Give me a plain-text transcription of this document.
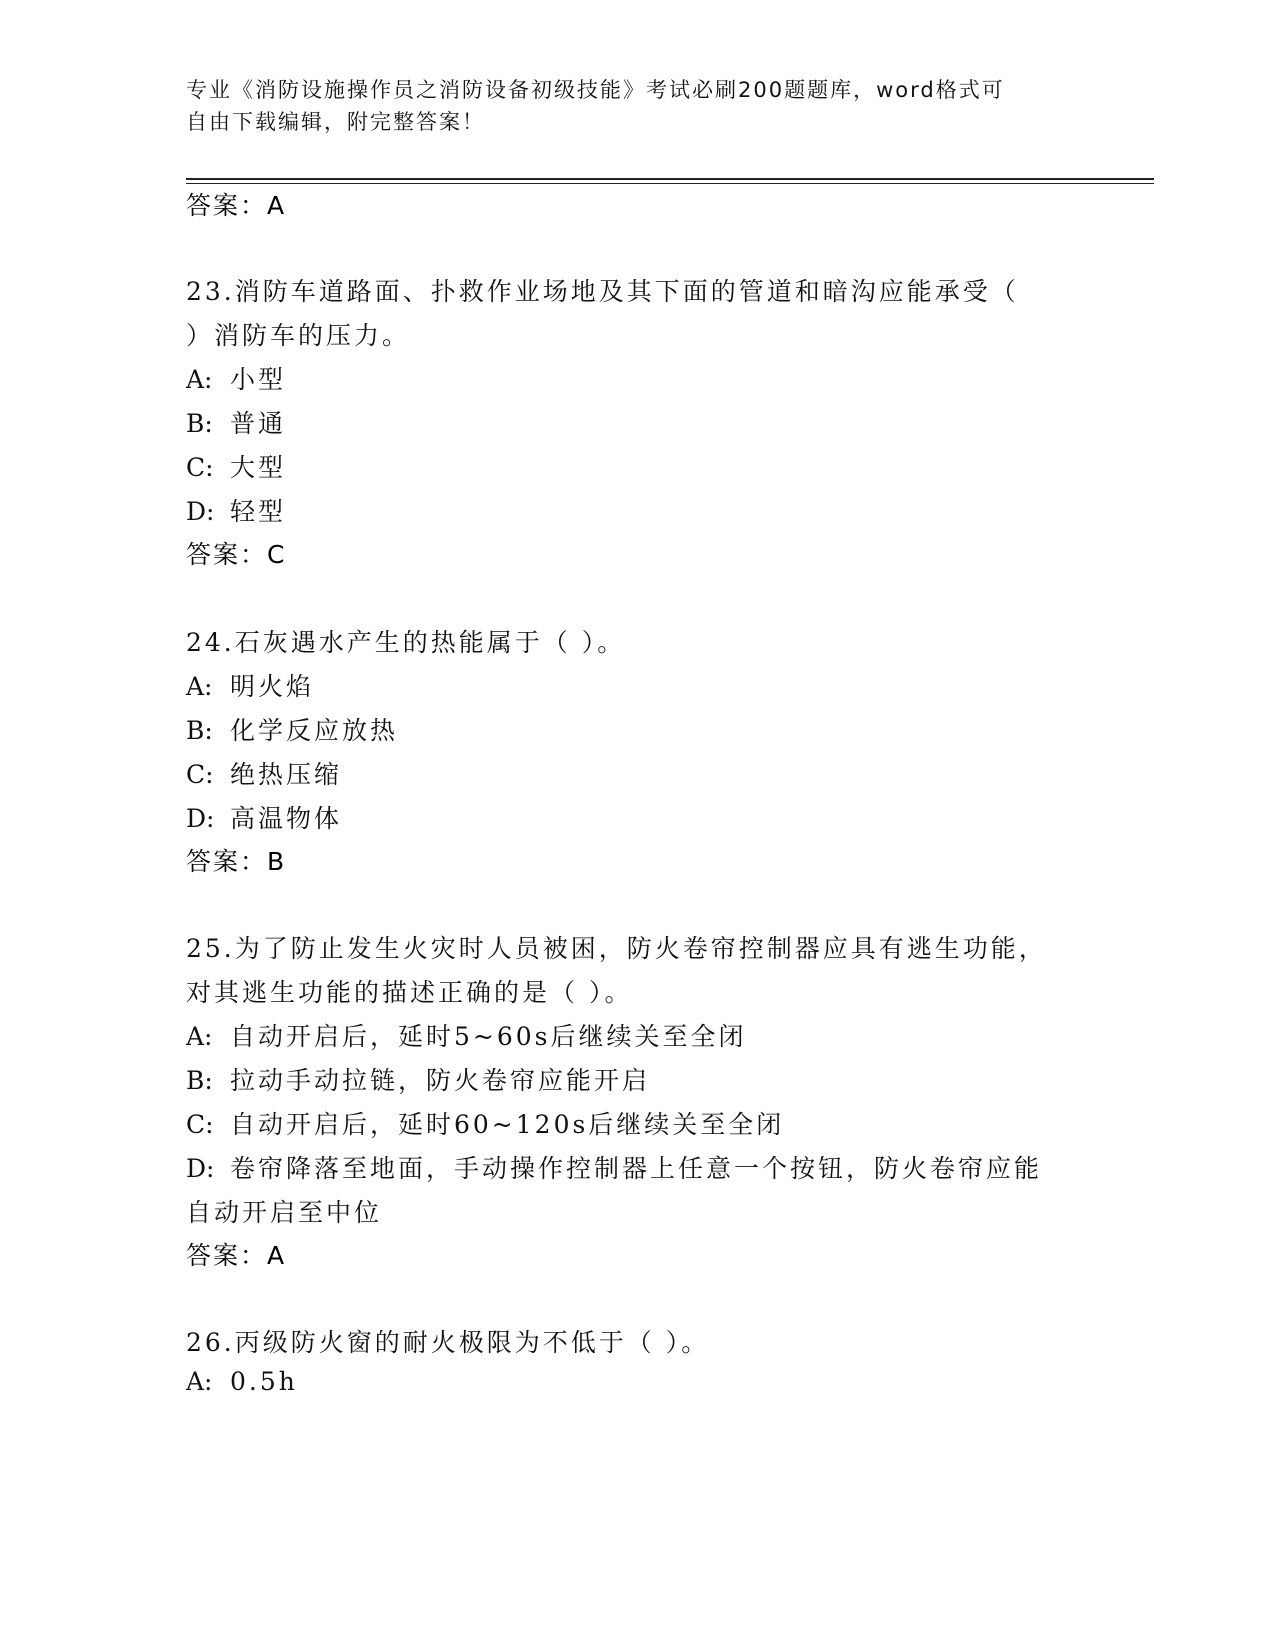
专业《消防设施操作员之消防设备初级技能》考试必刷200题题库，word格式可
自由下载编辑，附完整答案！
答案：A
23.消防车道路面、扑救作业场地及其下面的管道和暗沟应能承受（
）消防车的压力。
A: 小型
B: 普通
C: 大型
D: 轻型
答案：C
24.石灰遇水产生的热能属于（ ）。
A: 明火焰
B: 化学反应放热
C: 绝热压缩
D: 高温物体
答案：B
25.为了防止发生火灾时人员被困，防火卷帘控制器应具有逃生功能，
对其逃生功能的描述正确的是（ ）。
A: 自动开启后，延时5~60s后继续关至全闭
B: 拉动手动拉链，防火卷帘应能开启
C: 自动开启后，延时60~120s后继续关至全闭
D: 卷帘降落至地面，手动操作控制器上任意一个按钮，防火卷帘应能
自动开启至中位
答案：A
26.丙级防火窗的耐火极限为不低于（ ）。
A: 0.5h
